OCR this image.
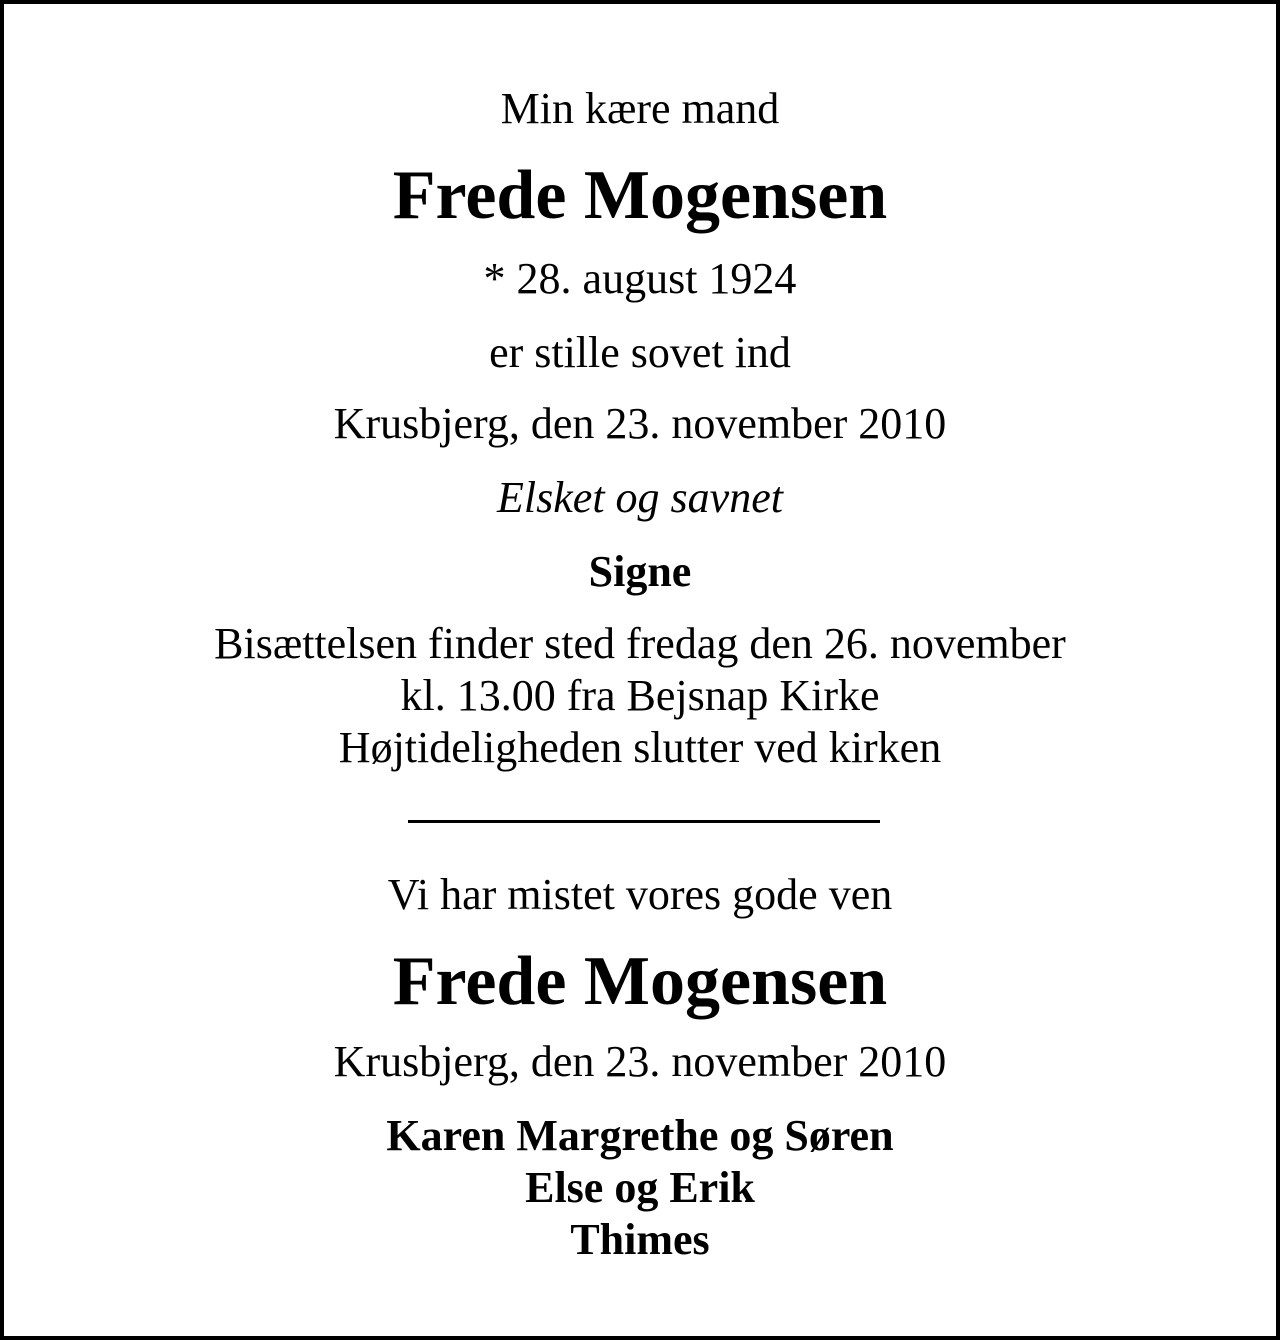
Min kære mand
Frede Mogensen
* 28. august 1924
er stille sovet ind
Krusbjerg, den 23. november 2010
Elsket og savnet
Signe
Bisættelsen finder sted fredag den 26. november
kl. 13.00 fra Bejsnap Kirke
Højtideligheden slutter ved kirken
Vi har mistet vores gode ven
Frede Mogensen
Krusbjerg, den 23. november 2010
Karen Margrethe og Søren
Else og Erik
Thimes
